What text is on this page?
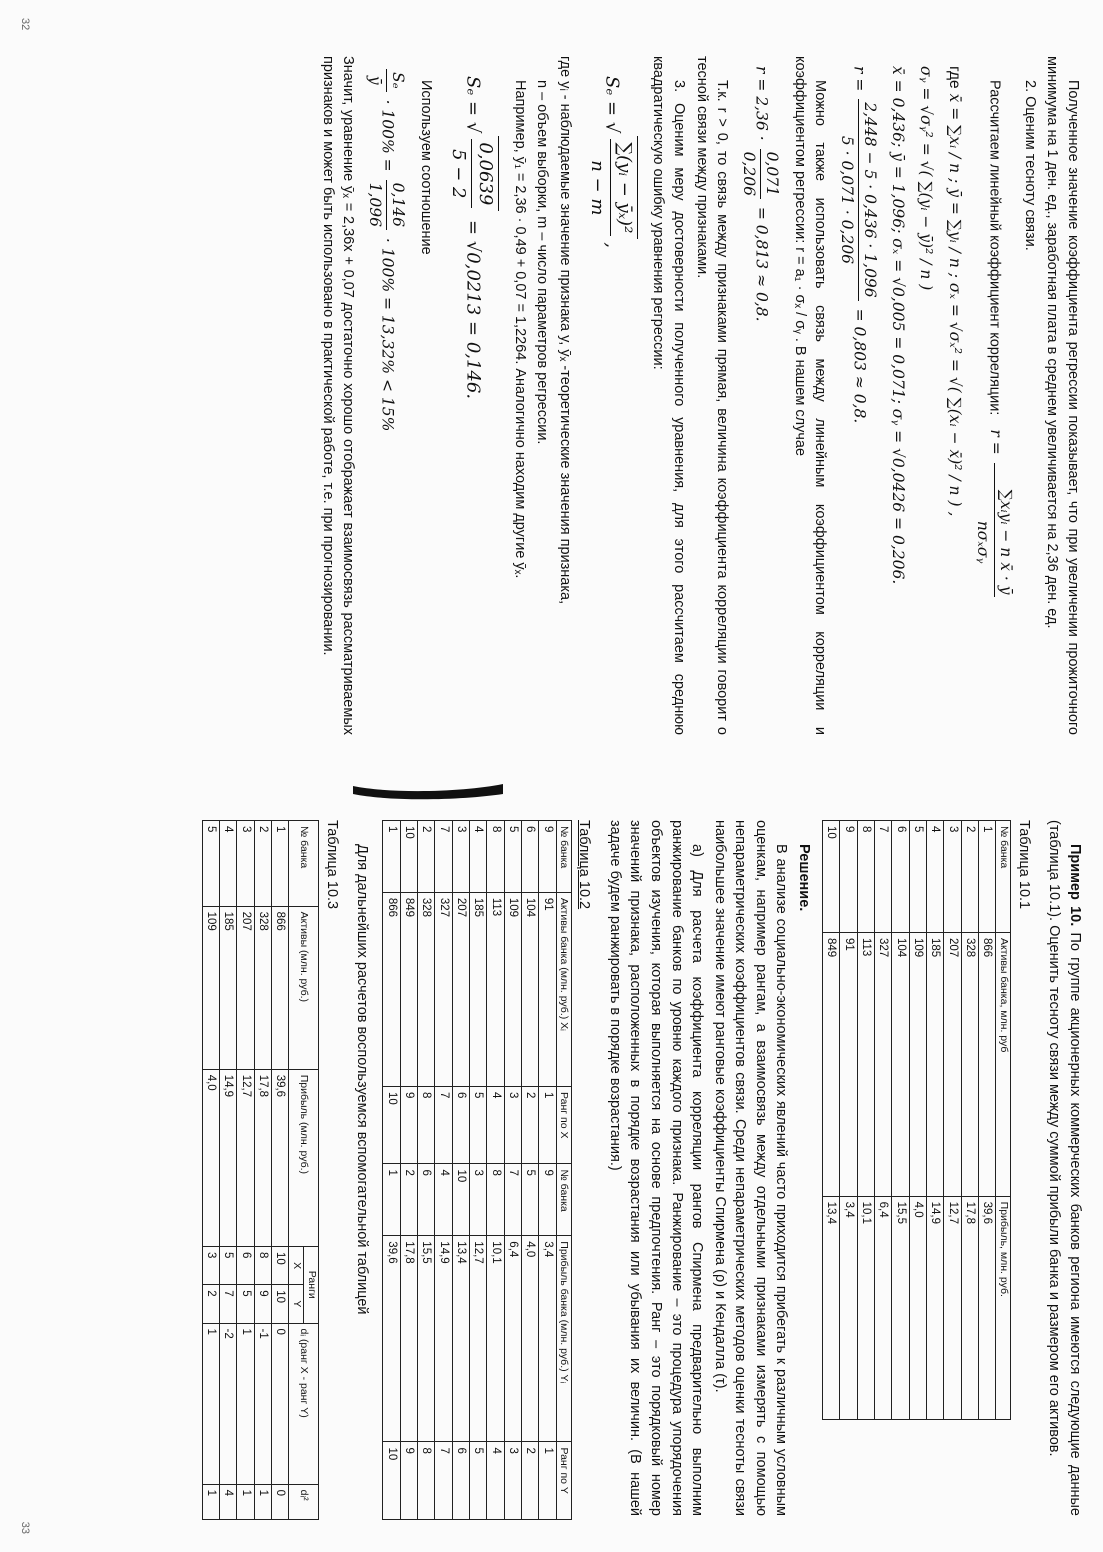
Полученное значение коэффициента регрессии показывает, что при увеличении прожиточного минимума на 1 ден. ед., заработная плата в среднем увеличивается на 2,36 ден. ед.

2. Оценим тесноту связи.

Рассчитаем линейный коэффициент корреляции: r =
∑xᵢyᵢ − n x̄ · ȳ
nσₓσᵧ

где x̄ = ∑xᵢ / n ; ȳ = ∑yᵢ / n ; σₓ = √σₓ² = √( ∑(xᵢ − x̄)² / n ) ,
σᵧ = √σᵧ² = √( ∑(yᵢ − ȳ)² / n )
x̄ = 0,436; ȳ = 1,096; σₓ = √0,005 = 0,071; σᵧ = √0,0426 = 0,206.
r =
2,448 − 5 · 0,436 · 1,096
5 · 0,071 · 0,206
= 0,803 ≈ 0,8.

Можно также использовать связь между линейным коэффициентом корреляции и коэффициентом регрессии: r = a₁ · σₓ / σᵧ . В нашем случае

r = 2,36 ·
0,071
0,206
= 0,813 ≈ 0,8.

Т.к. r > 0, то связь между признаками прямая, величина коэффициента корреляции говорит о тесной связи между признаками.

3. Оценим меру достоверности полученного уравнения, для этого рассчитаем среднюю квадратическую ошибку уравнения регрессии:

Sₑ = √
∑(yᵢ − ȳₓ)²
n − m
,

где yᵢ - наблюдаемые значение признака y, ȳₓ -теоретические значения признака,

n – объем выборки, m – число параметров регрессии.

Например, ȳ₁ = 2,36 · 0,49 + 0,07 = 1,2264. Аналогично находим другие ȳₓ.

Sₑ = √
0,0639
5 − 2
= √0,0213 = 0,146.

Используем соотношение

Sₑ
ȳ
· 100% =
0,146
1,096
· 100% = 13,32% < 15%

Значит, уравнение ȳₓ = 2,36x + 0,07 достаточно хорошо отображает взаимосвязь рассматриваемых признаков и может быть использовано в практической работе, т.е. при прогнозировании.

32

Пример 10. По группе акционерных коммерческих банков региона имеются следующие данные (таблица 10.1). Оценить тесноту связи между суммой прибыли банка и размером его активов.

Таблица 10.1
№ банка	Активы банка, млн. руб	Прибыль, млн. руб.
1	866	39,6
2	328	17,8
3	207	12,7
4	185	14,9
5	109	4,0
6	104	15,5
7	327	6,4
8	113	10,1
9	91	3,4
10	849	13,4

Решение.

В анализе социально-экономических явлений часто приходится прибегать к различным условным оценкам, например рангам, а взаимосвязь между отдельными признаками измерять с помощью непараметрических коэффициентов связи. Среди непараметрических методов оценки тесноты связи наибольшее значение имеют ранговые коэффициенты Спирмена (ρ) и Кендалла (τ).

а) Для расчета коэффициента корреляции рангов Спирмена предварительно выполним ранжирование банков по уровню каждого признака. Ранжирование – это процедура упорядочения объектов изучения, которая выполняется на основе предпочтения. Ранг – это порядковый номер значений признака, расположенных в порядке возрастания или убывания их величин. (В нашей задаче будем ранжировать в порядке возрастания.)

Таблица 10.2
№ банка	Активы банка (млн. руб.) Xᵢ	Ранг по X	№ банка	Прибыль банка (млн. руб.) Yᵢ	Ранг по Y
9	91	1	9	3,4	1
6	104	2	5	4,0	2
5	109	3	7	6,4	3
8	113	4	8	10,1	4
4	185	5	3	12,7	5
3	207	6	10	13,4	6
7	327	7	4	14,9	7
2	328	8	6	15,5	8
10	849	9	2	17,8	9
1	866	10	1	39,6	10

Для дальнейших расчетов воспользуемся вспомогательной таблицей

Таблица 10.3
№ банка	Активы (млн. руб.)	Прибыль (млн. руб.)	Ранги		dᵢ (ранг X - ранг Y)	dᵢ²
			X	Y		
1	866	39,6	10	10	0	0
2	328	17,8	8	9	-1	1
3	207	12,7	6	5	1	1
4	185	14,9	5	7	-2	4
5	109	4,0	3	2	1	1
33
